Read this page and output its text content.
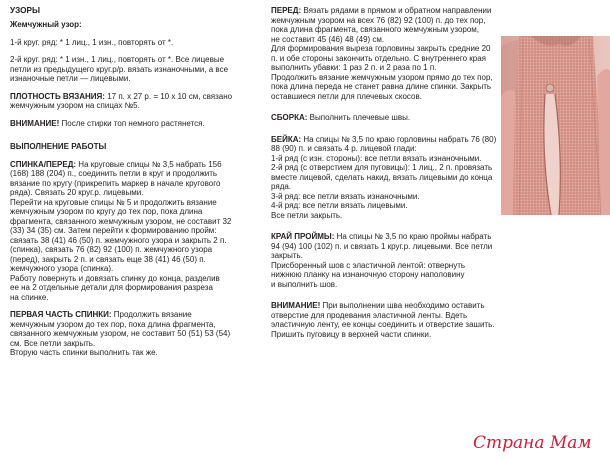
УЗОРЫ

Жемчужный узор:

1-й круг. ряд: * 1 лиц., 1 изн., повторять от *.

2-й круг. ряд: * 1 изн., 1 лиц., повторять от *. Все лицевые
петли из предыдущего круг.р/р. вязать изнаночными, а все
изнаночные петли — лицевыми.

ПЛОТНОСТЬ ВЯЗАНИЯ: 17 п. x 27 р. = 10 x 10 см, связано
жемчужным узором на спицах №5.

ВНИМАНИЕ! После стирки топ немного растянется.

ВЫПОЛНЕНИЕ РАБОТЫ

СПИНКА/ПЕРЕД: На круговые спицы № 3,5 набрать 156
(168) 188 (204) п., соединить петли в круг и продолжить
вязание по кругу (прикрепить маркер в начале кругового
ряда). Связать 20 круг.р. лицевыми.
Перейти на круговые спицы № 5 и продолжить вязание
жемчужным узором по кругу до тех пор, пока длина
фрагмента, связанного жемчужным узором, не составит 32
(33) 34 (35) см. Затем перейти к формированию пройм:
связать 38 (41) 46 (50) п. жемчужного узора и закрыть 2 п.
(спинка), связать 76 (82) 92 (100) п. жемчужного узора
(перед), закрыть 2 п. и связать еще 38 (41) 46 (50) п.
жемчужного узора (спинка).
Работу повернуть и довязать спинку до конца, разделив
ее на 2 отдельные детали для формирования разреза
на спинке.

ПЕРВАЯ ЧАСТЬ СПИНКИ: Продолжить вязание
жемчужным узором до тех пор, пока длина фрагмента,
связанного жемчужным узором, не составит 50 (51) 53 (54)
см. Все петли закрыть.
Вторую часть спинки выполнить так же.

ПЕРЕД: Вязать рядами в прямом и обратном направлении
жемчужным узором на всех 76 (82) 92 (100) п. до тех пор,
пока длина фрагмента, связанного жемчужным узором,
не составит 45 (46) 48 (49) см.
Для формирования выреза горловины закрыть средние 20
п. и обе стороны закончить отдельно. С внутреннего края
выполнить убавки: 1 раз 2 п. и 2 раза по 1 п.
Продолжить вязание жемчужным узором прямо до тех пор,
пока длина переда не станет равна длине спинки. Закрыть
оставшиеся петли для плечевых скосов.

СБОРКА: Выполнить плечевые швы.

БЕЙКА: На спицы № 3,5 по краю горловины набрать 76 (80)
88 (90) п. и связать 4 р. лицевой глади:

1-й ряд (с изн. стороны): все петли вязать изнаночными.

2-й ряд (с отверстием для пуговицы): 1 лиц., 2 п. провязать
вместе лицевой, сделать накид, вязать лицевыми до конца
ряда.

3-й ряд: все петли вязать изнаночными.

4-й ряд: все петли вязать лицевыми.

Все петли закрыть.

КРАЙ ПРОЙМЫ: На спицы № 3,5 по краю проймы набрать
94 (94) 100 (102) п. и связать 1 круг.р. лицевыми. Все петли
закрыть.
Присборенный шов с эластичной лентой: отвернуть
нижнюю планку на изнаночную сторону наполовину
и выполнить шов.

ВНИМАНИЕ! При выполнении шва необходимо оставить
отверстие для продевания эластичной ленты. Вдеть
эластичную ленту, ее концы соединить и отверстие зашить.
Пришить пуговицу в верхней части спинки.

Страна Мам
